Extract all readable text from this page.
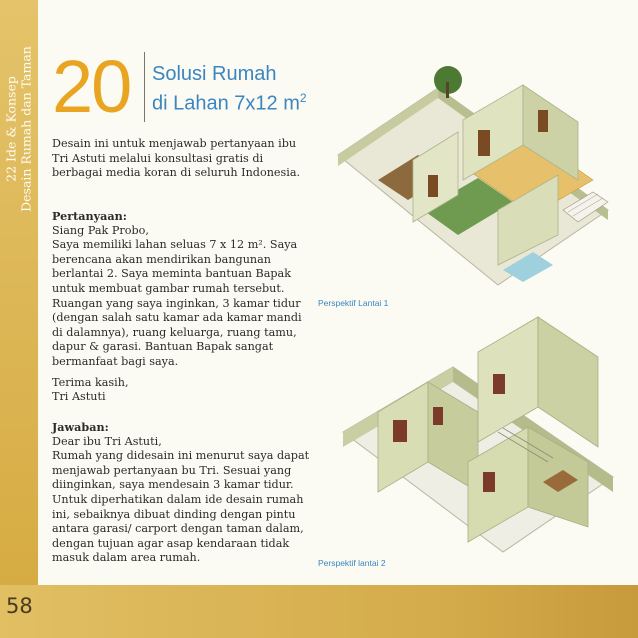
22 Ide & Konsep Desain Rumah dan Taman 20 Solusi Rumah
di Lahan 7x12 $m^2$

Desain ini untuk menjawab pertanyaan ibu Tri Astuti melalui konsultasi gratis di berbagai media koran di seluruh Indonesia.

Pertanyaan:

Siang Pak Probo,

Saya memiliki lahan seluas 7 x 12 m². Saya berencana akan mendirikan bangunan berlantai 2. Saya meminta bantuan Bapak untuk membuat gambar rumah tersebut. Ruangan yang saya inginkan, 3 kamar tidur (dengan salah satu kamar ada kamar mandi di dalamnya), ruang keluarga, ruang tamu, dapur & garasi. Bantuan Bapak sangat bermanfaat bagi saya.

Terima kasih,

Tri Astuti

Jawaban:

Dear ibu Tri Astuti,

Rumah yang didesain ini menurut saya dapat menjawab pertanyaan bu Tri. Sesuai yang diinginkan, saya mendesain 3 kamar tidur. Untuk diperhatikan dalam ide desain rumah ini, sebaiknya dibuat dinding dengan pintu antara garasi/ carport dengan taman dalam, dengan tujuan agar asap kendaraan tidak masuk dalam area rumah.

Perspektif Lantai 1
Perspektif lantai 2
58
